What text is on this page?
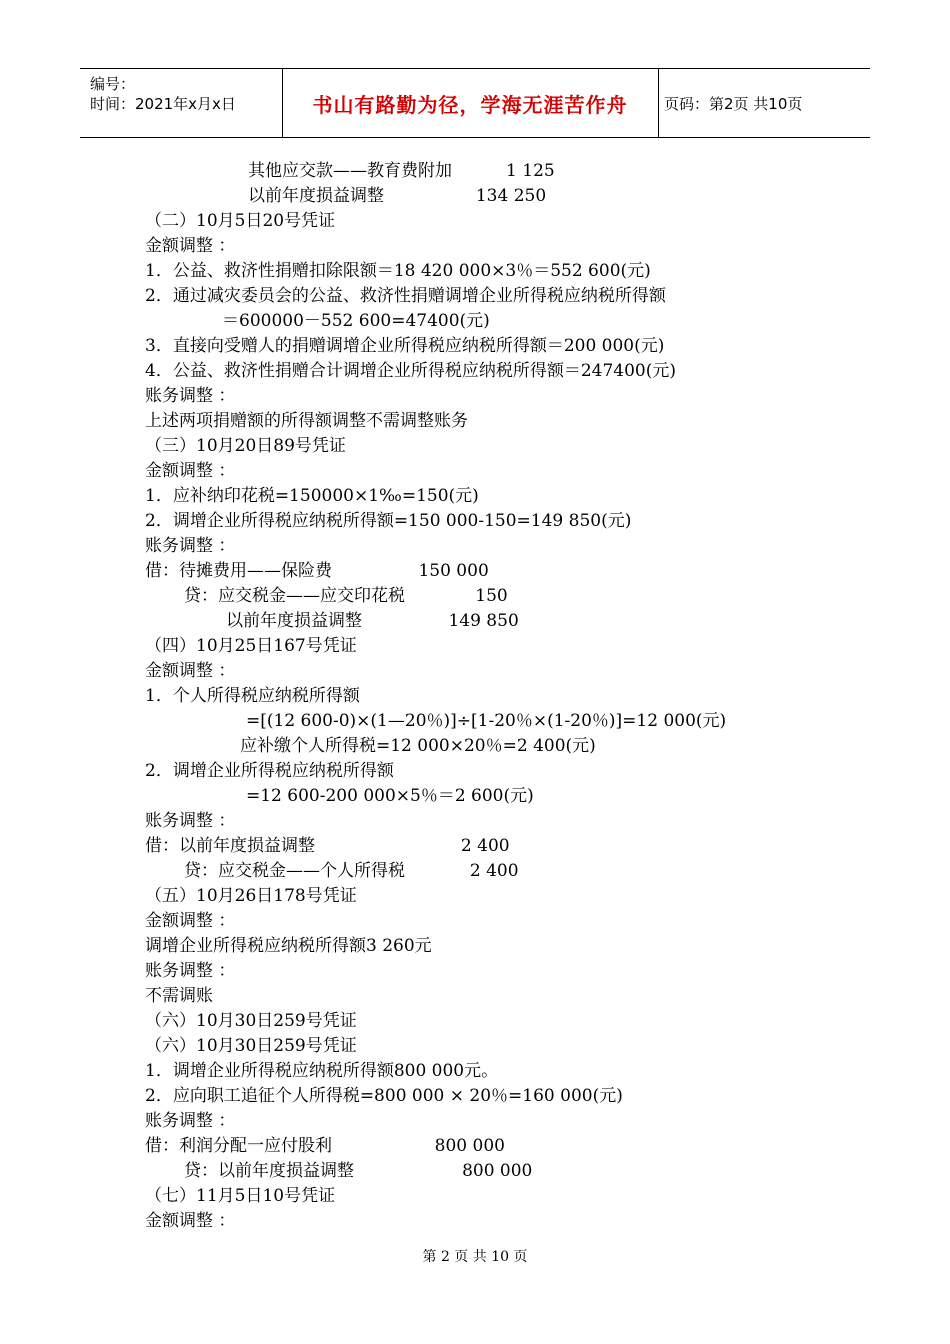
编号：
时间：2021年x月x日	书山有路勤为径，学海无涯苦作舟 页码：第2页 共10页
其他应交款——教育费附加          1 125
以前年度损益调整                 134 250
（二）10月5日20号凭证
金额调整 ：
1．公益、救济性捐赠扣除限额＝18 420 000×3％＝552 600(元)
2．通过减灾委员会的公益、救济性捐赠调增企业所得税应纳税所得额
＝600000－552 600=47400(元)
3．直接向受赠人的捐赠调增企业所得税应纳税所得额＝200 000(元)
4．公益、救济性捐赠合计调增企业所得税应纳税所得额＝247400(元)
账务调整 ：
上述两项捐赠额的所得额调整不需调整账务
（三）10月20日89号凭证
金额调整 ：
1．应补纳印花税=150000×1‰=150(元)
2．调增企业所得税应纳税所得额=150 000-150=149 850(元)
账务调整 ：
借：待摊费用——保险费                150 000
贷：应交税金——应交印花税             150
以前年度损益调整                149 850
（四）10月25日167号凭证
金额调整 ：
1．个人所得税应纳税所得额
=[(12 600-0)×(1—20％)]÷[1-20％×(1-20％)]=12 000(元)
应补缴个人所得税=12 000×20％=2 400(元)
2．调增企业所得税应纳税所得额
=12 600-200 000×5％＝2 600(元)
账务调整 ：
借：以前年度损益调整                           2 400
贷：应交税金——个人所得税            2 400
（五）10月26日178号凭证
金额调整 ：
调增企业所得税应纳税所得额3 260元
账务调整 ：
不需调账
（六）10月30日259号凭证
（六）10月30日259号凭证
1．调增企业所得税应纳税所得额800 000元。
2．应向职工追征个人所得税=800 000 × 20％=160 000(元)
账务调整 ：
借：利润分配一应付股利                   800 000
贷：以前年度损益调整                    800 000
（七）11月5日10号凭证
金额调整 ：
第 2 页 共 10 页
